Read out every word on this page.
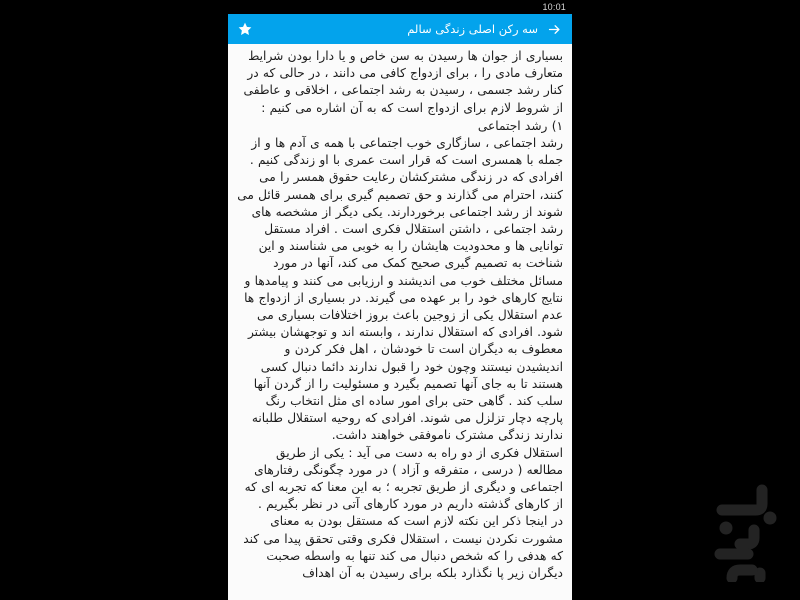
10:01
سه رکن اصلی زندگی سالم

بسیاری از جوان ها رسیدن به سن خاص و یا دارا بودن شرایط متعارف مادی را ، برای ازدواج کافی می دانند ، در حالی که در کنار رشد جسمی ، رسیدن به رشد اجتماعی ، اخلاقی و عاطفی از شروط لازم برای ازدواج است که به آن اشاره می کنیم :

۱) رشد اجتماعی

رشد اجتماعی ، سازگاری خوب اجتماعی با همه ی آدم ها و از جمله با همسری است که قرار است عمری با او زندگی کنیم . افرادی که در زندگی مشترکشان رعایت حقوق همسر را می کنند، احترام می گذارند و حق تصمیم گیری برای همسر قائل می شوند از رشد اجتماعی برخوردارند. یکی دیگر از مشخصه های رشد اجتماعی ، داشتن استقلال فکری است . افراد مستقل توانایی ها و محدودیت هایشان را به خوبی می شناسند و این شناخت به تصمیم گیری صحیح کمک می کند، آنها در مورد مسائل مختلف خوب می اندیشند و ارزیابی می کنند و پیامدها و نتایج کارهای خود را بر عهده می گیرند. در بسیاری از ازدواج ها عدم استقلال یکی از زوجین باعث بروز اختلافات بسیاری می شود. افرادی که استقلال ندارند ، وابسته اند و توجهشان بیشتر معطوف به دیگران است تا خودشان ، اهل فکر کردن و اندیشیدن نیستند وچون خود را قبول ندارند دائما دنبال کسی هستند تا به جای آنها تصمیم بگیرد و مسئولیت را از گردن آنها سلب کند . گاهی حتی برای امور ساده ای مثل انتخاب رنگ پارچه دچار تزلزل می شوند. افرادی که روحیه استقلال طلبانه ندارند زندگی مشترک ناموفقی خواهند داشت.

استقلال فکری از دو راه به دست می آید : یکی از طریق مطالعه ( درسی ، متفرقه و آزاد ) در مورد چگونگی رفتارهای اجتماعی و دیگری از طریق تجربه ؛ به این معنا که تجربه ای که از کارهای گذشته داریم در مورد کارهای آتی در نظر بگیریم .

در اینجا ذکر این نکته لازم است که مستقل بودن به معنای مشورت نکردن نیست ، استقلال فکری وقتی تحقق پیدا می کند که هدفی را که شخص دنبال می کند تنها به واسطه صحبت دیگران زیر پا نگذارد بلکه برای رسیدن به آن اهداف
